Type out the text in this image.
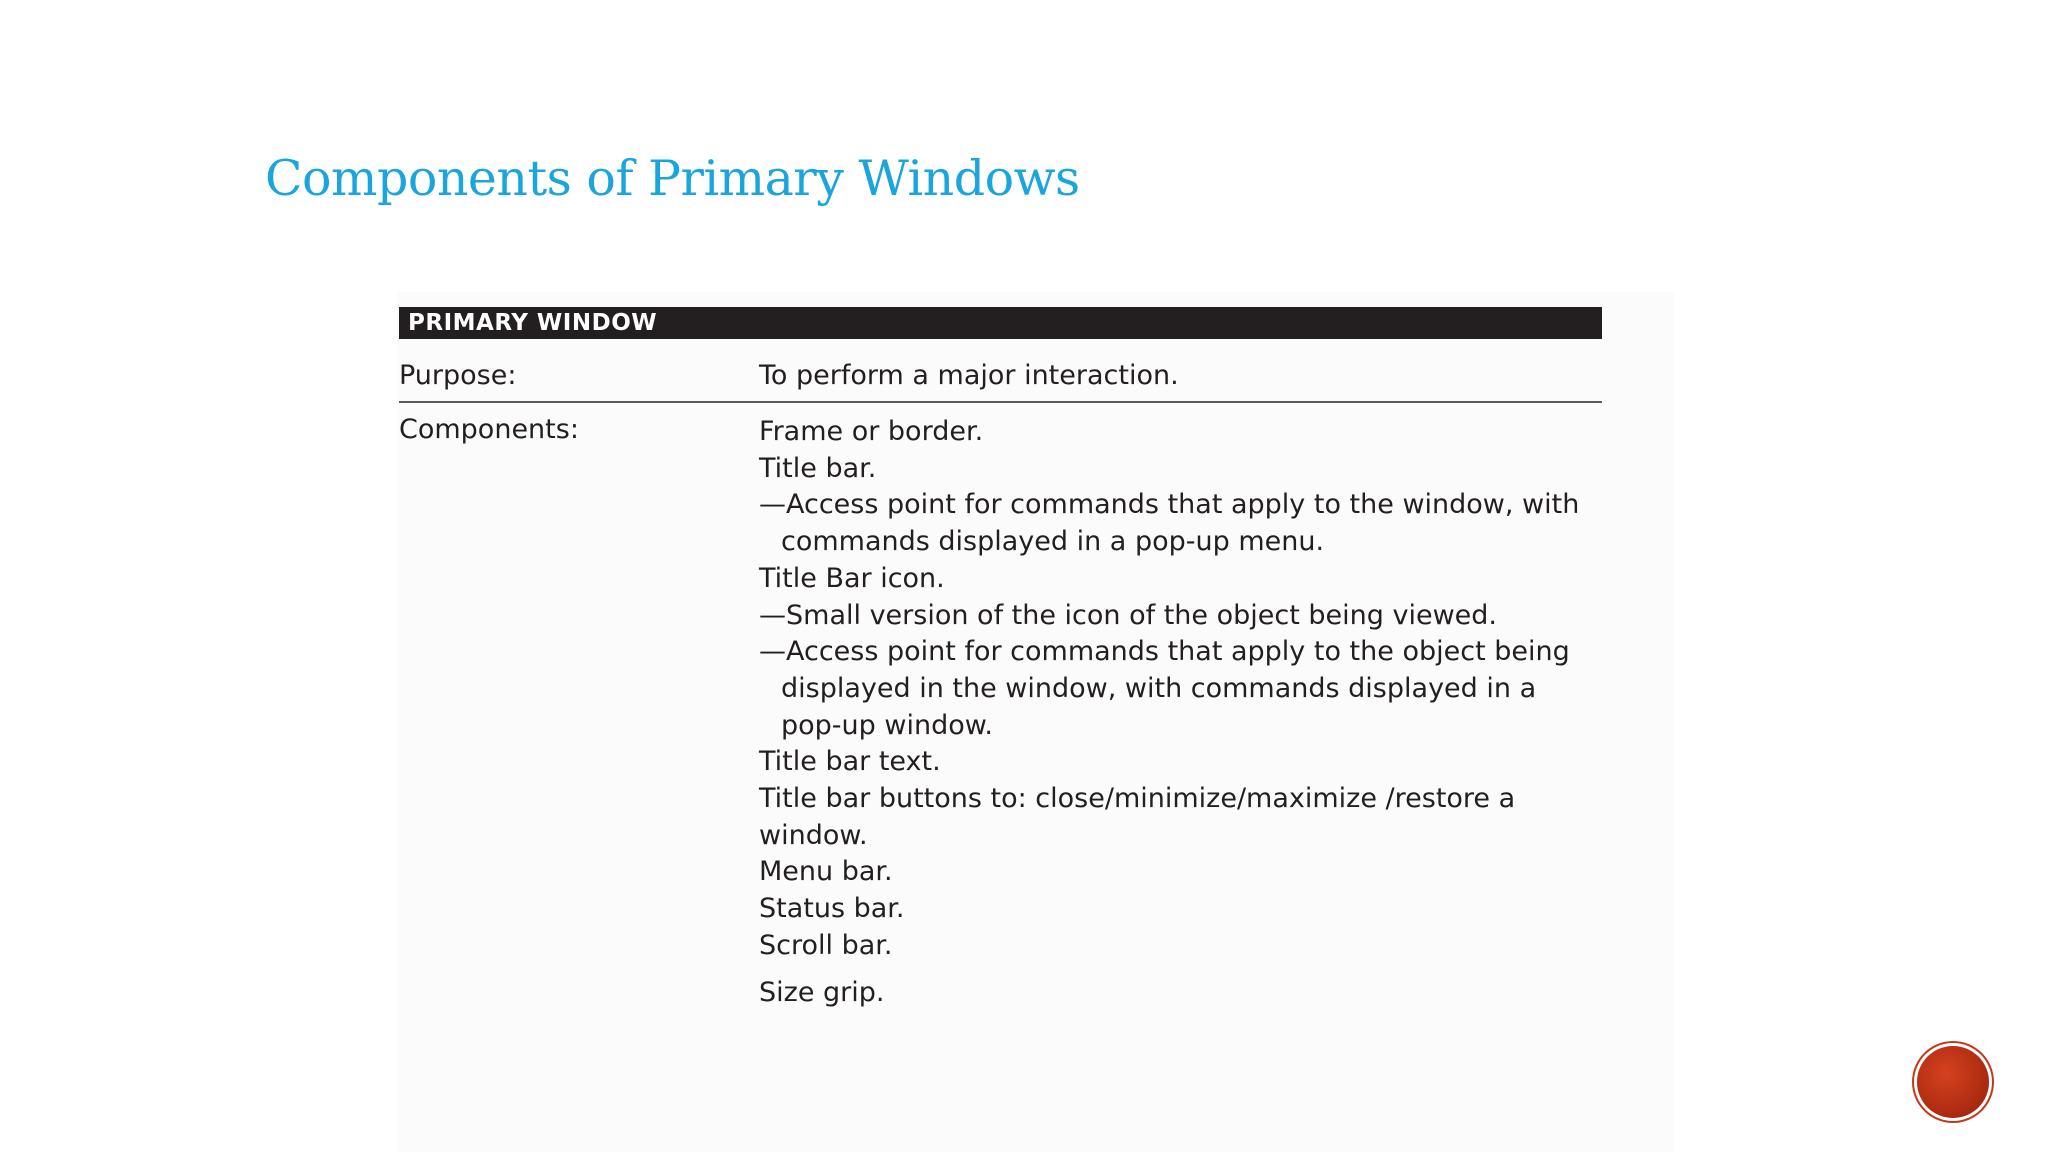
Components of Primary Windows
PRIMARY WINDOW
Purpose:	To perform a major interaction.
Components:	Frame or border.
Title bar.
—Access point for commands that apply to the window, with
commands displayed in a pop-up menu.
Title Bar icon.
—Small version of the icon of the object being viewed.
—Access point for commands that apply to the object being
displayed in the window, with commands displayed in a
pop-up window.
Title bar text.
Title bar buttons to: close/minimize/maximize /restore a
window.
Menu bar.
Status bar.
Scroll bar.
Size grip.
